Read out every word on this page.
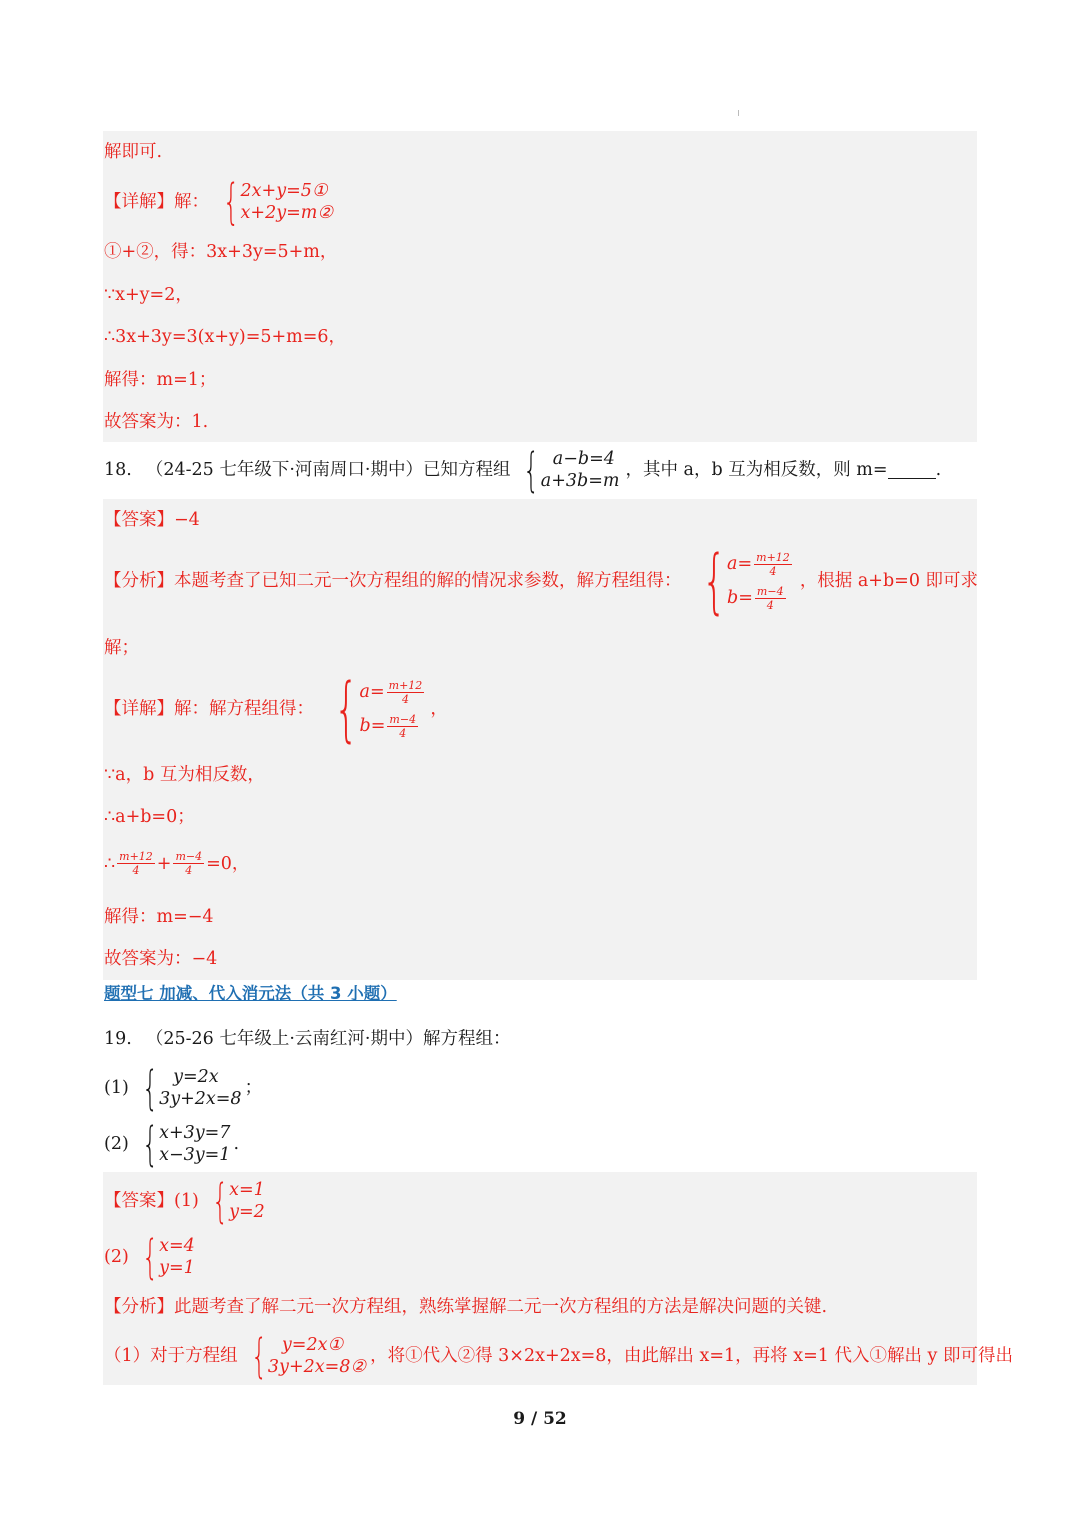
解即可.
【详解】 解： { 2x+y=5①
x+2y=m②
①+②，得：3x+3y=5+m，
∵x+y=2，
∴3x+3y=3(x+y)=5+m=6，
解得：m=1；
故答案为：1.
18. （24-25 七年级下·河南周口·期中）已知方程组 { a−b=4
a+3b=m
，其中 a，b 互为相反数，则 m=	.
【答案】−4
【分析】 本题考查了已知二元一次方程组的解的情况求参数，解方程组得： { $a= \frac{m+12}{4}$
$b= \frac{m-4}{4}$
，根据 a+b=0 即可求
解；
【详解】 解：解方程组得： { $a= \frac{m+12}{4}$
$b= \frac{m-4}{4}$
，
∵a，b 互为相反数，
∴a+b=0；
∴ $\frac{m+12}{4} + \frac{m-4}{4} =0$，
解得：m=−4
故答案为：−4
题型七 加减、代入消元法（共 3 小题）
19. （25-26 七年级上·云南红河·期中）解方程组：
(1) { y=2x
3y+2x=8
；
(2) { x+3y=7
x−3y=1
.
【答案】 (1) { x=1
y=2
(2) { x=4
y=1
【分析】此题考查了解二元一次方程组，熟练掌握解二元一次方程组的方法是解决问题的关键.
（1）对于方程组 { y=2x①
3y+2x=8②
，将①代入②得 3×2x+2x=8，由此解出 x=1，再将 x=1 代入①解出 y 即可得出
9 / 52
